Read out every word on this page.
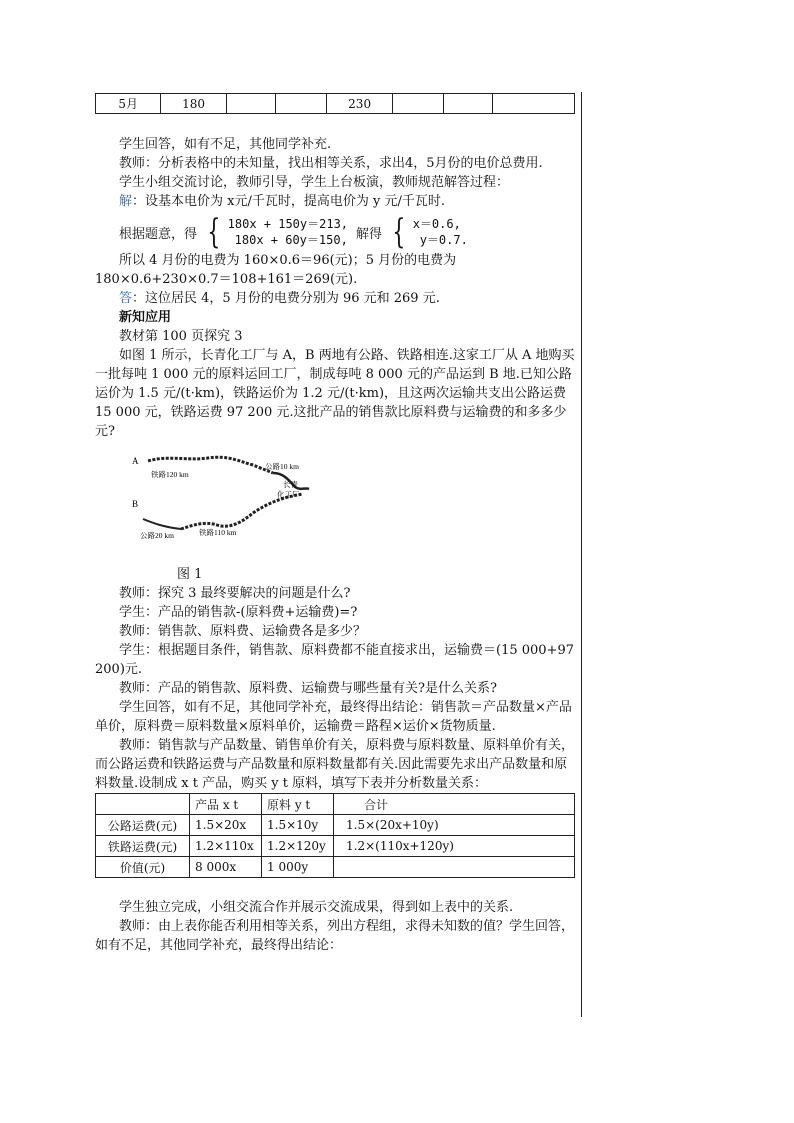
5月	180			230			

学生回答，如有不足，其他同学补充.

教师：分析表格中的未知量，找出相等关系，求出4，5月份的电价总费用.

学生小组交流讨论，教师引导，学生上台板演，教师规范解答过程：

解：设基本电价为 x元/千瓦时，提高电价为 y 元/千瓦时.

根据题意，得 { 180x + 150y＝213,
180x + 60y＝150, 解得 { x＝0.6,
y＝0.7.

所以 4 月份的电费为 160×0.6＝96(元)；5 月份的电费为 180×0.6+230×0.7＝108+161＝269(元).

答：这位居民 4，5 月份的电费分别为 96 元和 269 元.

新知应用

教材第 100 页探究 3

如图 1 所示，长青化工厂与 A，B 两地有公路、铁路相连.这家工厂从 A 地购买一批每吨 1 000 元的原料运回工厂，制成每吨 8 000 元的产品运到 B 地.已知公路运价为 1.5 元/(t·km)，铁路运价为 1.2 元/(t·km)，且这两次运输共支出公路运费 15 000 元，铁路运费 97 200 元.这批产品的销售款比原料费与运输费的和多多少元?

A
铁路120 km
公路10 km
长青
化工厂
B
公路20 km	铁路110 km

图 1

教师：探究 3 最终要解决的问题是什么?

学生：产品的销售款-(原料费+运输费)=?

教师：销售款、原料费、运输费各是多少？

学生：根据题目条件，销售款、原料费都不能直接求出，运输费＝(15 000+97 200)元.

教师：产品的销售款、原料费、运输费与哪些量有关?是什么关系?

学生回答，如有不足，其他同学补充，最终得出结论：销售款＝产品数量×产品单价，原料费＝原料数量×原料单价，运输费＝路程×运价×货物质量.

教师：销售款与产品数量、销售单价有关，原料费与原料数量、原料单价有关，而公路运费和铁路运费与产品数量和原料数量都有关.因此需要先求出产品数量和原料数量.设制成 x t 产品，购买 y t 原料，填写下表并分析数量关系：

	产品 x t	原料 y t	合计
公路运费(元)	1.5×20x	1.5×10y	1.5×(20x+10y)
铁路运费(元)	1.2×110x	1.2×120y	1.2×(110x+120y)
价值(元)	8 000x	1 000y	

学生独立完成，小组交流合作并展示交流成果，得到如上表中的关系.

教师：由上表你能否利用相等关系，列出方程组，求得未知数的值？学生回答，如有不足，其他同学补充，最终得出结论：
